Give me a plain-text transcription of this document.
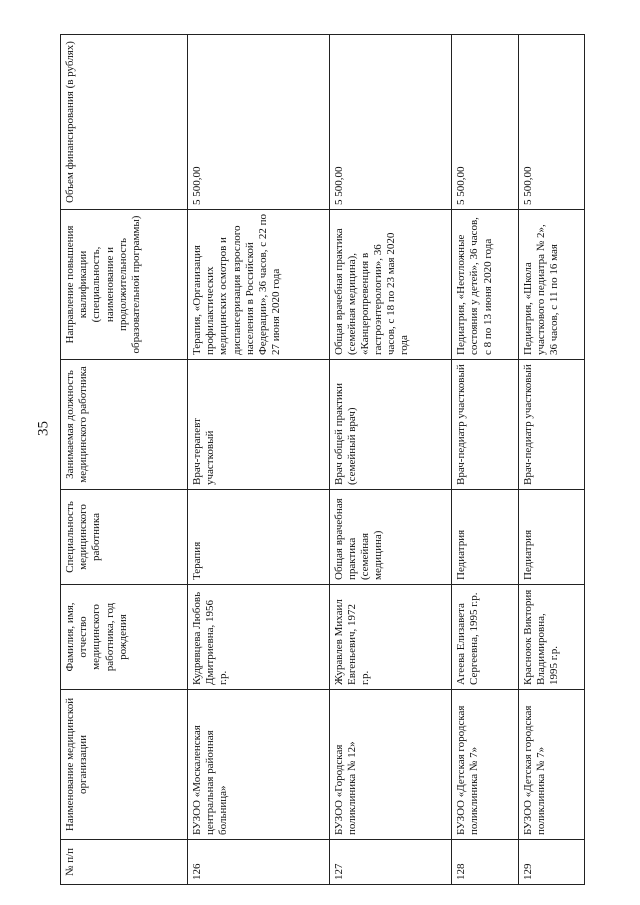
35
№ п/п	Наименование медицинской организации	Фамилия, имя, отчество медицинского работника, год рождения	Специальность медицинского работника	Занимаемая должность медицинского работника	Направление повышения квалификации (специальность, наименование и продолжительность образовательной программы)	Объем финансирования (в рублях)
126	БУЗОО «Москаленская центральная районная больница»	Кудрявцева Любовь Дмитриевна, 1956 г.р.	Терапия	Врач-терапевт участковый	Терапия, «Организация профилактических медицинских осмотров и диспансеризация взрослого населения в Российской Федерации», 36 часов, с 22 по 27 июня 2020 года	5 500,00
127	БУЗОО «Городская поликлиника № 12»	Журавлев Михаил Евгеньевич, 1972 г.р.	Общая врачебная практика (семейная медицина)	Врач общей практики (семейный врач)	Общая врачебная практика (семейная медицина), «Канцеропревенция в гастроэнтерологии», 36 часов, с 18 по 23 мая 2020 года	5 500,00
128	БУЗОО «Детская городская поликлиника № 7»	Агеева Елизавета Сергеевна, 1995 г.р.	Педиатрия	Врач-педиатр участковый	Педиатрия, «Неотложные состояния у детей», 36 часов, с 8 по 13 июня 2020 года	5 500,00
129	БУЗОО «Детская городская поликлиника № 7»	Красноюк Виктория Владимировна, 1995 г.р.	Педиатрия	Врач-педиатр участковый	Педиатрия, «Школа участкового педиатра № 2», 36 часов, с 11 по 16 мая	5 500,00
